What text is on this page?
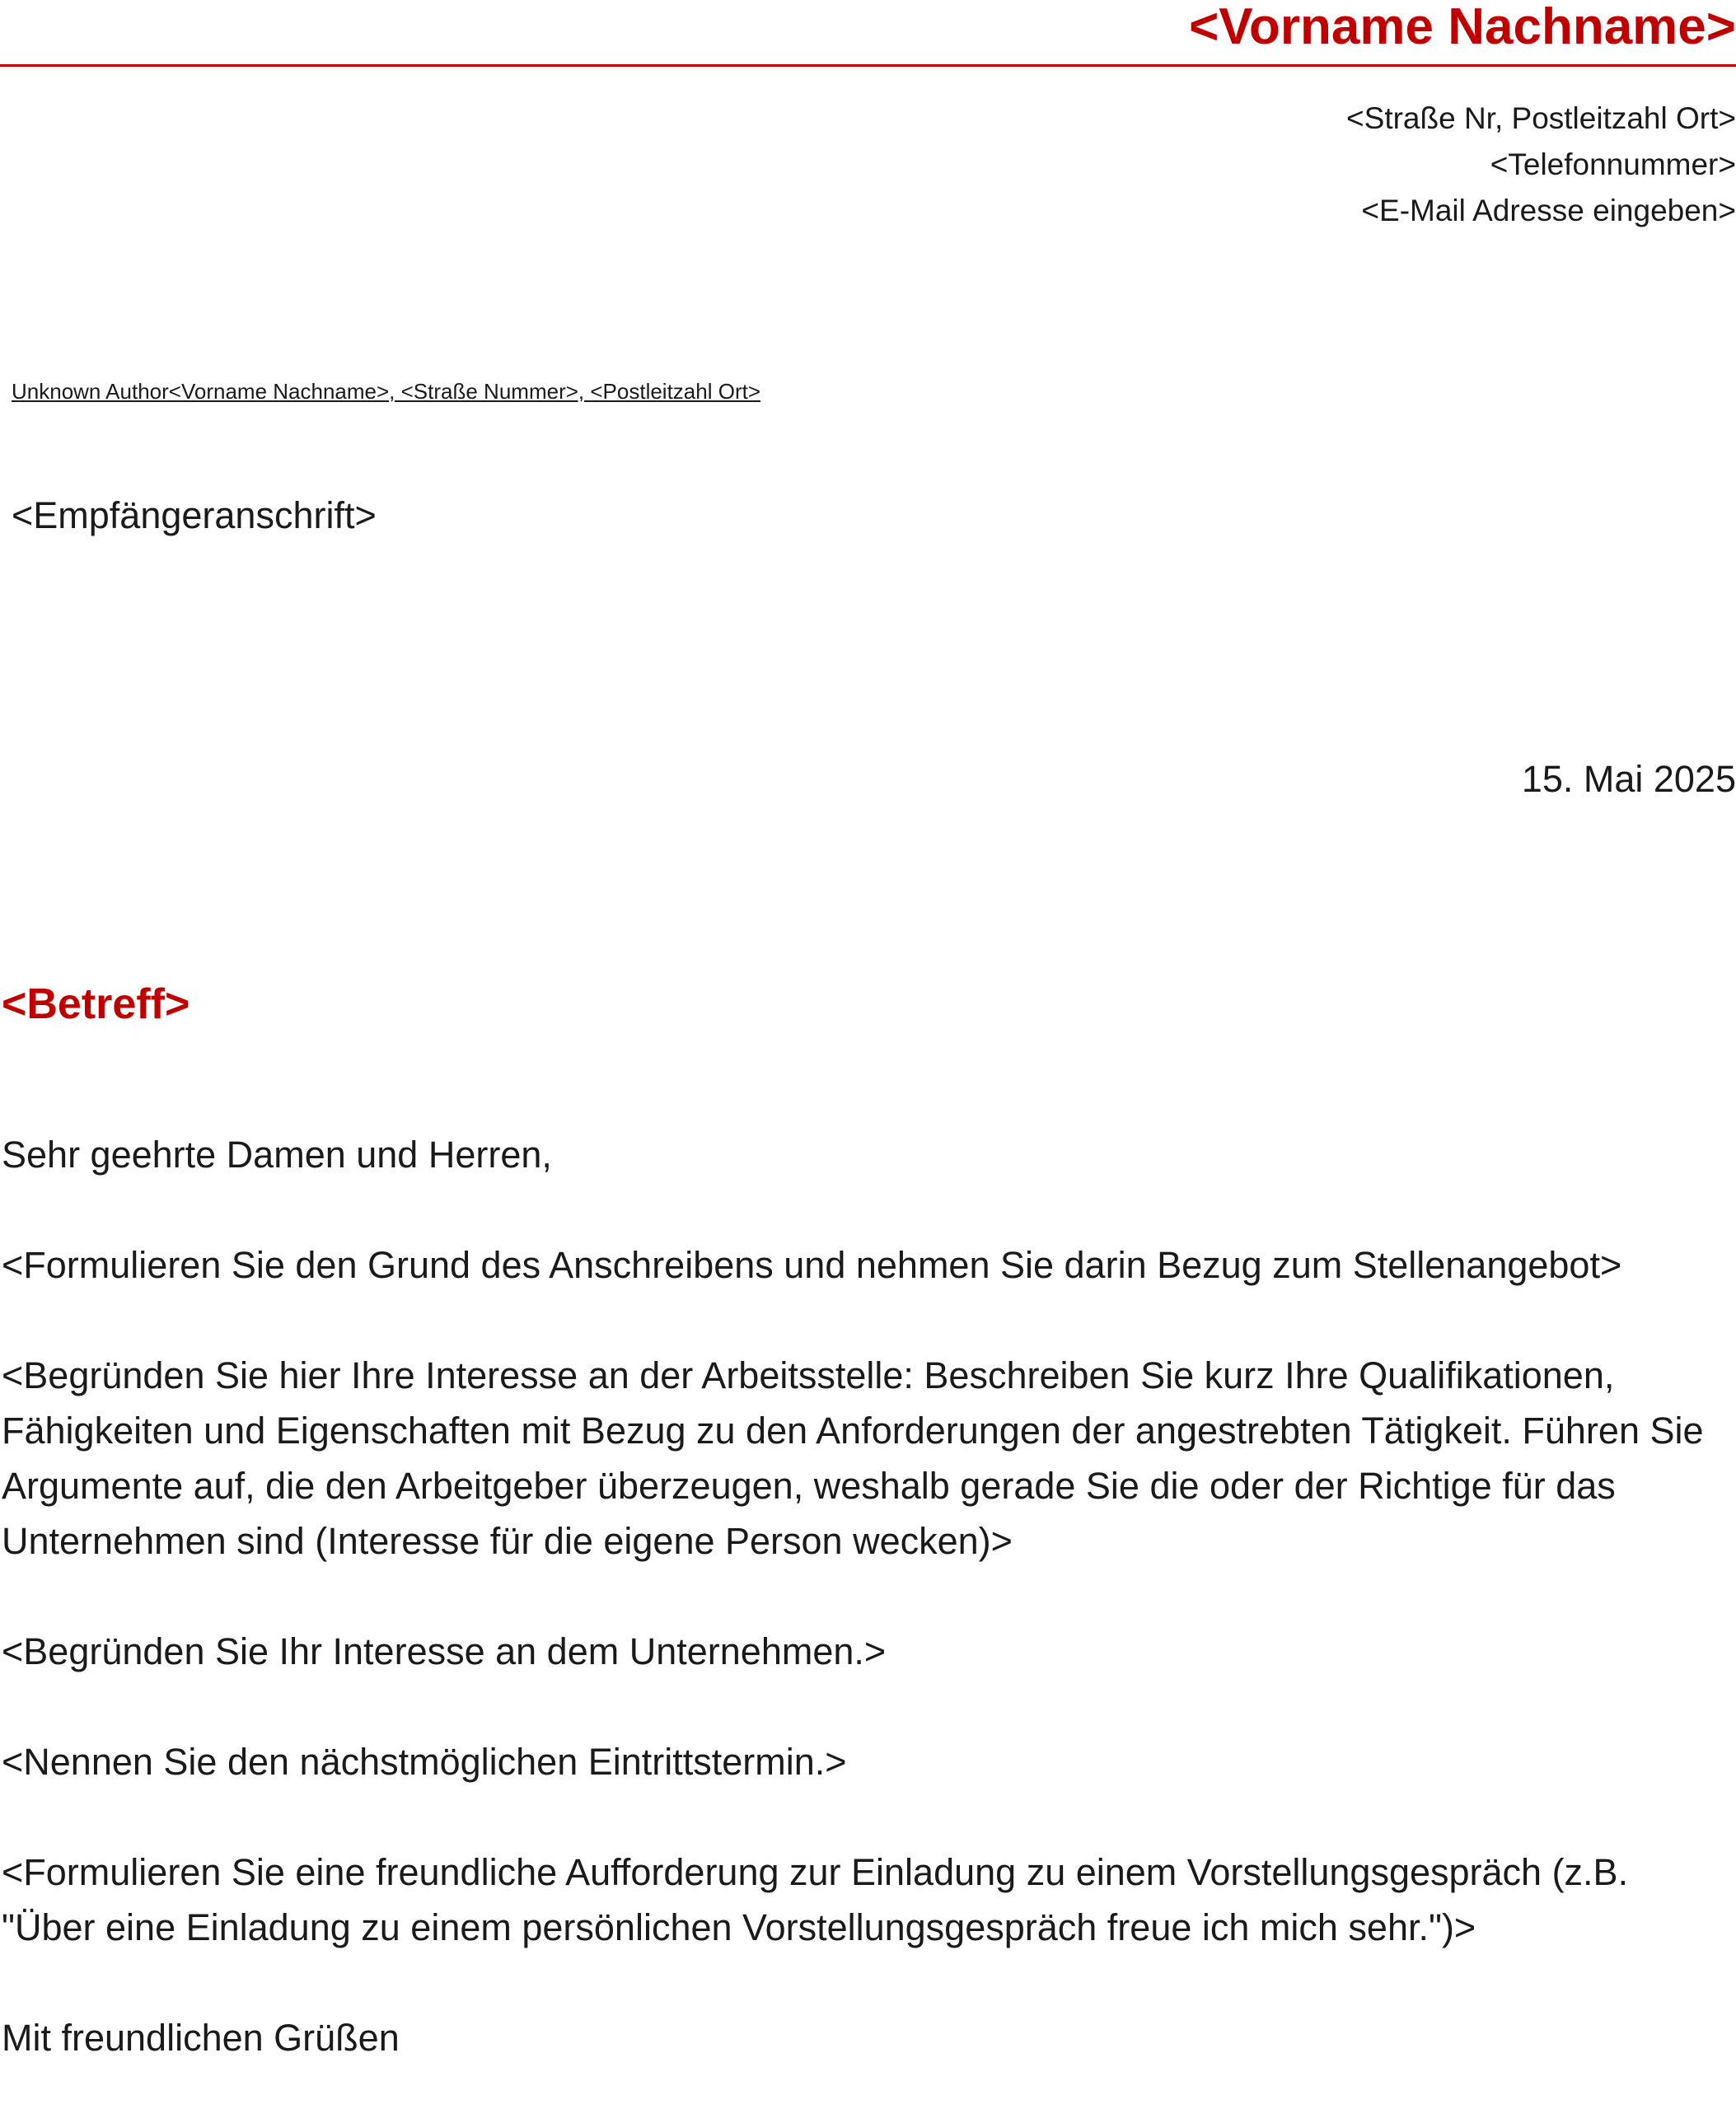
<Vorname Nachname>
<Straße Nr, Postleitzahl Ort>
<Telefonnummer>
<E-Mail Adresse eingeben>
Unknown Author<Vorname Nachname>, <Straße Nummer>, <Postleitzahl Ort>
<Empfängeranschrift>
15. Mai 2025
<Betreff>

Sehr geehrte Damen und Herren,

<Formulieren Sie den Grund des Anschreibens und nehmen Sie darin Bezug zum Stellenangebot>

<Begründen Sie hier Ihre Interesse an der Arbeitsstelle: Beschreiben Sie kurz Ihre Qualifikationen, Fähigkeiten und Eigenschaften mit Bezug zu den Anforderungen der angestrebten Tätigkeit. Führen Sie Argumente auf, die den Arbeitgeber überzeugen, weshalb gerade Sie die oder der Richtige für das Unternehmen sind (Interesse für die eigene Person wecken)>

<Begründen Sie Ihr Interesse an dem Unternehmen.>

<Nennen Sie den nächstmöglichen Eintrittstermin.>

<Formulieren Sie eine freundliche Aufforderung zur Einladung zu einem Vorstellungsgespräch (z.B. "Über eine Einladung zu einem persönlichen Vorstellungsgespräch freue ich mich sehr.")>

Mit freundlichen Grüßen
